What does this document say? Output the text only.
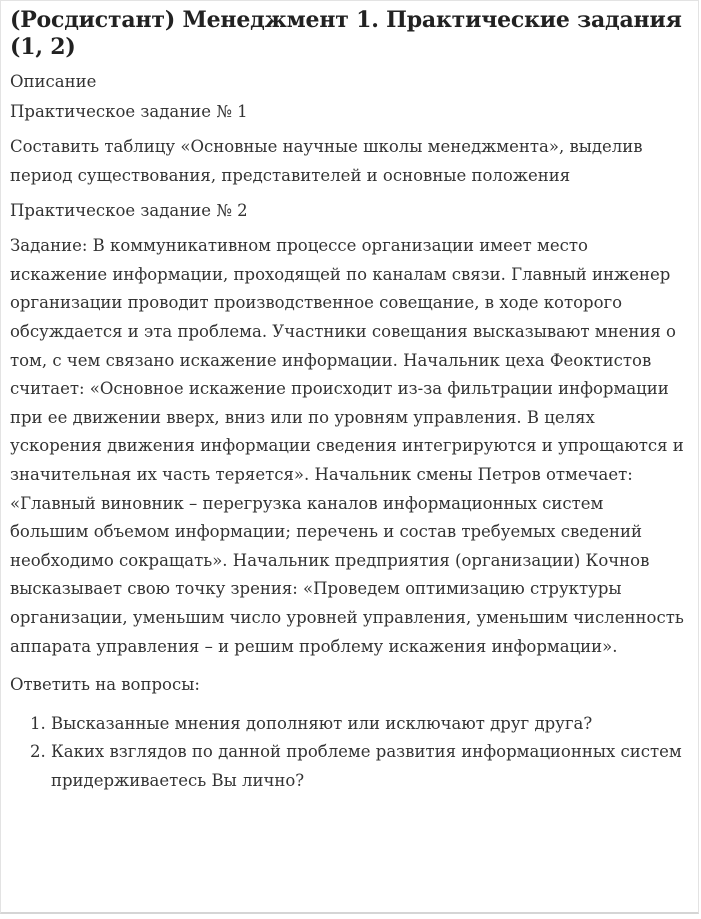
(Росдистант) Менеджмент 1. Практические задания (1, 2)
Описание
Практическое задание № 1

Составить таблицу «Основные научные школы менеджмента», выделив период существования, представителей и основные положения

Практическое задание № 2

Задание: В коммуникативном процессе организации имеет место искажение информации, проходящей по каналам связи. Главный инженер организации проводит производственное совещание, в ходе которого обсуждается и эта проблема. Участники совещания высказывают мнения о том, с чем связано искажение информации. Начальник цеха Феоктистов считает: «Основное искажение происходит из-за фильтрации информации при ее движении вверх, вниз или по уровням управления. В целях ускорения движения информации сведения интегрируются и упрощаются и значительная их часть теряется». Начальник смены Петров отмечает: «Главный виновник – перегрузка каналов информационных систем большим объемом информации; перечень и состав требуемых сведений необходимо сокращать». Начальник предприятия (организации) Кочнов высказывает свою точку зрения: «Проведем оптимизацию структуры организации, уменьшим число уровней управления, уменьшим численность аппарата управления – и решим проблему искажения информации».

Ответить на вопросы:

1. Высказанные мнения дополняют или исключают друг друга?
2. Каких взглядов по данной проблеме развития информационных систем придерживаетесь Вы лично?
